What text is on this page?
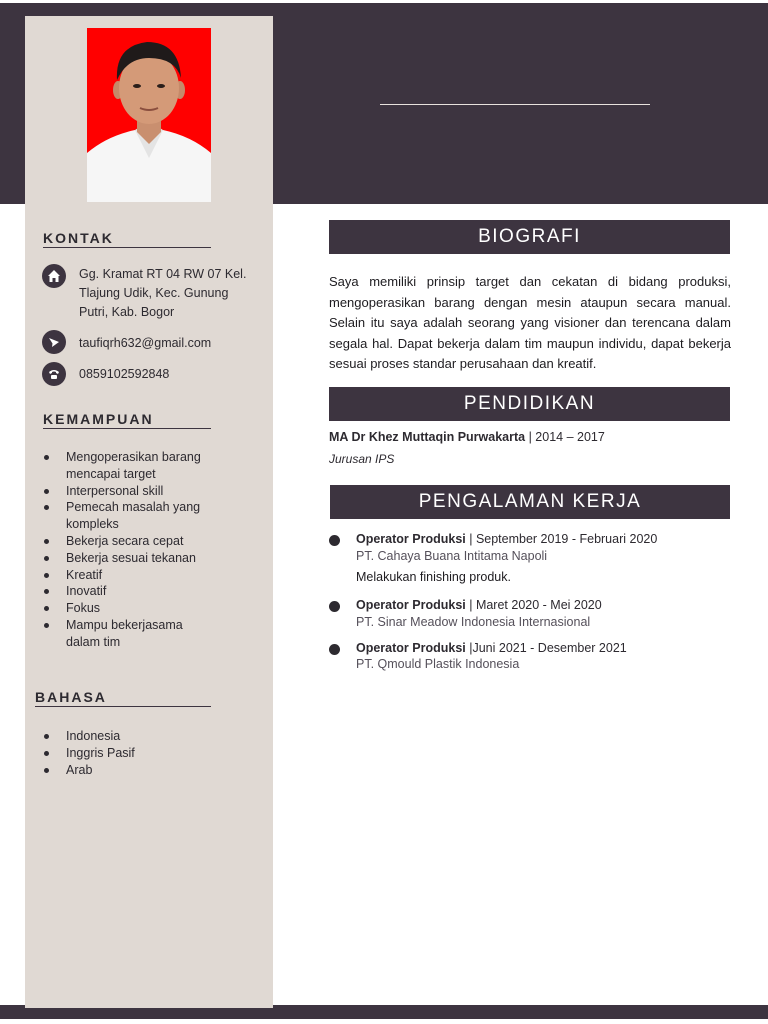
KONTAK
Gg. Kramat RT 04 RW 07 Kel.
Tlajung Udik, Kec. Gunung
Putri, Kab. Bogor
taufiqrh632@gmail.com
0859102592848
KEMAMPUAN
Mengoperasikan barang
mencapai target
Interpersonal skill
Pemecah masalah yang
kompleks
Bekerja secara cepat
Bekerja sesuai tekanan
Kreatif
Inovatif
Fokus
Mampu bekerjasama
dalam tim
BAHASA
Indonesia
Inggris Pasif
Arab
BIOGRAFI

Saya memiliki prinsip target dan cekatan di bidang produksi, mengoperasikan barang dengan mesin ataupun secara manual. Selain itu saya adalah seorang yang visioner dan terencana dalam segala hal. Dapat bekerja dalam tim maupun individu, dapat bekerja sesuai proses standar perusahaan dan kreatif.

PENDIDIKAN
MA Dr Khez Muttaqin Purwakarta | 2014 – 2017
Jurusan IPS
PENGALAMAN KERJA
Operator Produksi | September 2019 - Februari 2020
PT. Cahaya Buana Intitama Napoli
Melakukan finishing produk.
Operator Produksi | Maret 2020 - Mei 2020
PT. Sinar Meadow Indonesia Internasional
Operator Produksi |Juni 2021 - Desember 2021
PT. Qmould Plastik Indonesia
